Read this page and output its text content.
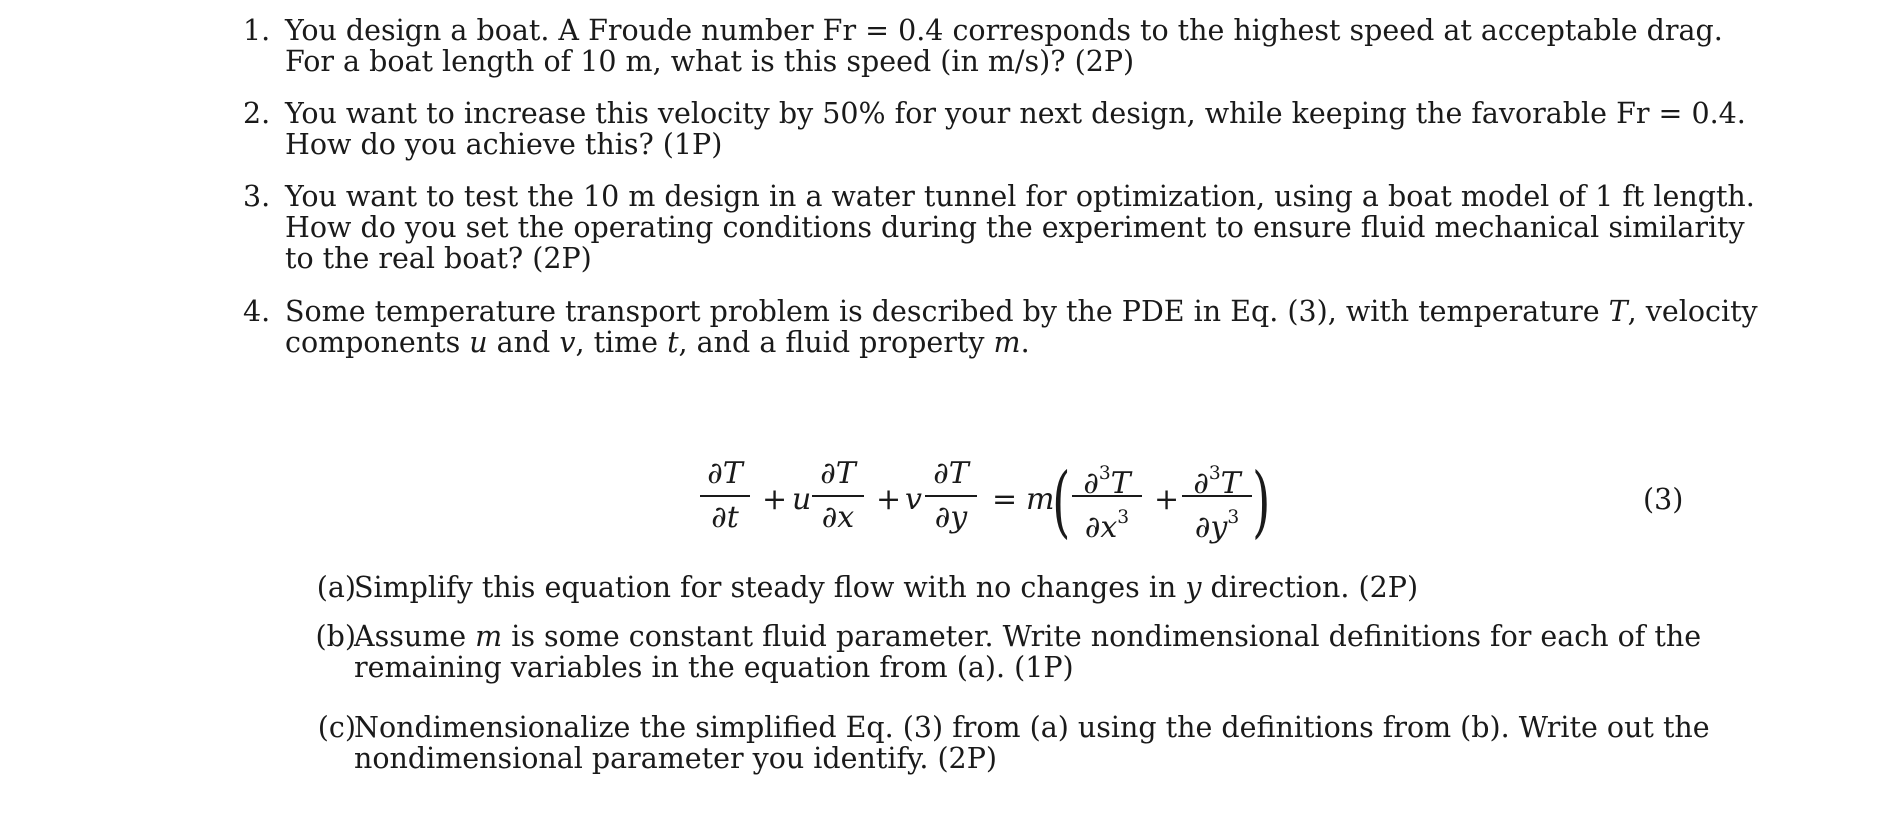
1. You design a boat. A Froude number Fr = 0.4 corresponds to the highest speed at acceptable drag.
For a boat length of 10 m, what is this speed (in m/s)? (2P)
2. You want to increase this velocity by 50% for your next design, while keeping the favorable Fr = 0.4.
How do you achieve this? (1P)
3. You want to test the 10 m design in a water tunnel for optimization, using a boat model of 1 ft length.
How do you set the operating conditions during the experiment to ensure fluid mechanical similarity
to the real boat? (2P)
4. Some temperature transport problem is described by the PDE in Eq. (3), with temperature T, velocity
components u and v, time t, and a fluid property m.
∂T
∂t
+ u
∂T
∂x
+ v
∂T
∂y
= m
( ∂$^3$T
$\partial x^3$
+ ∂$^3$T
$\partial y^3$ )	(3)
(a)
Simplify this equation for steady flow with no changes in y direction. (2P)
(b)
Assume m is some constant fluid parameter. Write nondimensional definitions for each of the
remaining variables in the equation from (a). (1P)
(c)
Nondimensionalize the simplified Eq. (3) from (a) using the definitions from (b). Write out the
nondimensional parameter you identify. (2P)
